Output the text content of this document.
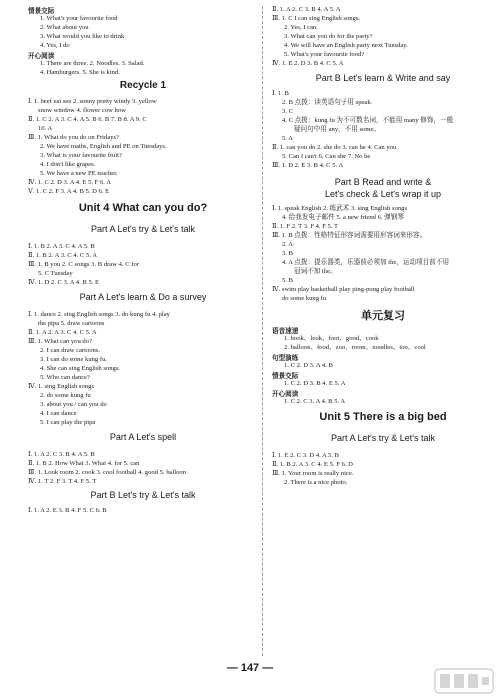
情景交际
1. What's your favourite food
2. What about you
3. What would you like to drink
4. Yes, I do
开心阅读
1. There are three. 2. Noodles. 3. Salad.
4. Hamburgers. 5. She is kind.
Recycle 1
Ⅰ. 1. beef eat see 2. sunny pretty windy 3. yellow
snow window 4. flower cow how
Ⅱ. 1. C 2. A 3. C 4. A 5. B 6. B 7. B 8. A 9. C
10. A
Ⅲ. 1. What do you do on Fridays?
2. We have maths, English and PE on Tuesdays.
3. What is your favourite fruit?
4. I don't like grapes.
5. We have a new PE teacher.
Ⅳ. 1. C 2. D 3. A 4. E 5. F 6. A
Ⅴ. 1. C 2. F 3. A 4. B 5. D 6. E
Unit 4 What can you do?
Part A Let's try & Let's talk
Ⅰ. 1. B 2. A 3. C 4. A 5. B
Ⅱ. 1. B 2. A 3. C 4. C 5. A
Ⅲ. 1. B you 2. C songs 3. B draw 4. C for
5. C Tuesday
Ⅳ. 1. D 2. C 3. A 4. B 5. E
Part A Let's learn & Do a survey
Ⅰ. 1. dance 2. sing English songs 3. do kung fu 4. play
the pipa 5. draw cartoons
Ⅱ. 1. A 2. A 3. C 4. C 5. A
Ⅲ. 1. What can you do?
2. I can draw cartoons.
3. I can do some kung fu.
4. She can sing English songs.
5. Who can dance?
Ⅳ. 1. sing English songs
2. do some kung fu
3. about you / can you do
4. I can dance
5. I can play the pipa
Part A Let's spell
Ⅰ. 1. A 2. C 3. B 4. A 5. B
Ⅱ. 1. B 2. How What 3. What 4. for 5. can
Ⅲ. 1. Look room 2. cook 3. cool football 4. good 5. balloon
Ⅳ. 1. T 2. F 3. T 4. F 5. T
Part B Let's try & Let's talk
Ⅰ. 1. A 2. E 3. B 4. F 5. C 6. B
Ⅱ. 1. A 2. C 3. B 4. A 5. A
Ⅲ. 1. C I can sing English songs.
2. Yes, I can.
3. What can you do for the party?
4. We will have an English party next Tuesday.
5. What's your favourite food?
Ⅳ. 1. E 2. D 3. B 4. C 5. A
Part B Let's learn & Write and say
Ⅰ. 1. B
2. B 点拨：读英语句子用 speak.
3. C
4. C 点拨：kung fu 为不可数名词，不能用 many 修饰，一般
疑问句中用 any，不用 some。
5. A
Ⅱ. 1. can you do 2. she do 3. can he 4. Can you
5. Can I can't 6. Can she 7. No he
Ⅲ. 1. D 2. E 3. B 4. C 5. A
Part B Read and write &
Let's check & Let's wrap it up
Ⅰ. 1. speak English 2. 练武术 3. sing English songs
4. 给我发电子邮件 5. a new friend 6. 弹钢琴
Ⅱ. 1. F 2. T 3. F 4. F 5. T
Ⅲ. 1. B 点拨：性格特征形容词需要用形容词来形容。
2. A
3. B
4. A 点拨：提乐器类，乐器前必须加 the，运动项目前不用
冠词不加 the。
5. B
Ⅳ. swim play basketball play ping-pong play football
do some kung fu
单元复习
语音速递
1. book、look、foot、good、cook
2. balloon、food、zoo、room、noodles、too、cool
句型演练
1. C 2. D 3. A 4. B
情景交际
1. C 2. D 3. B 4. E 5. A
开心阅读
1. C 2. C 3. A 4. B 5. A
Unit 5 There is a big bed
Part A Let's try & Let's talk
Ⅰ. 1. E 2. C 3. D 4. A 5. B
Ⅱ. 1. B 2. A 3. C 4. E 5. F 6. D
Ⅲ. 1. Your room is really nice.
2. There is a nice photo.
— 147 —
